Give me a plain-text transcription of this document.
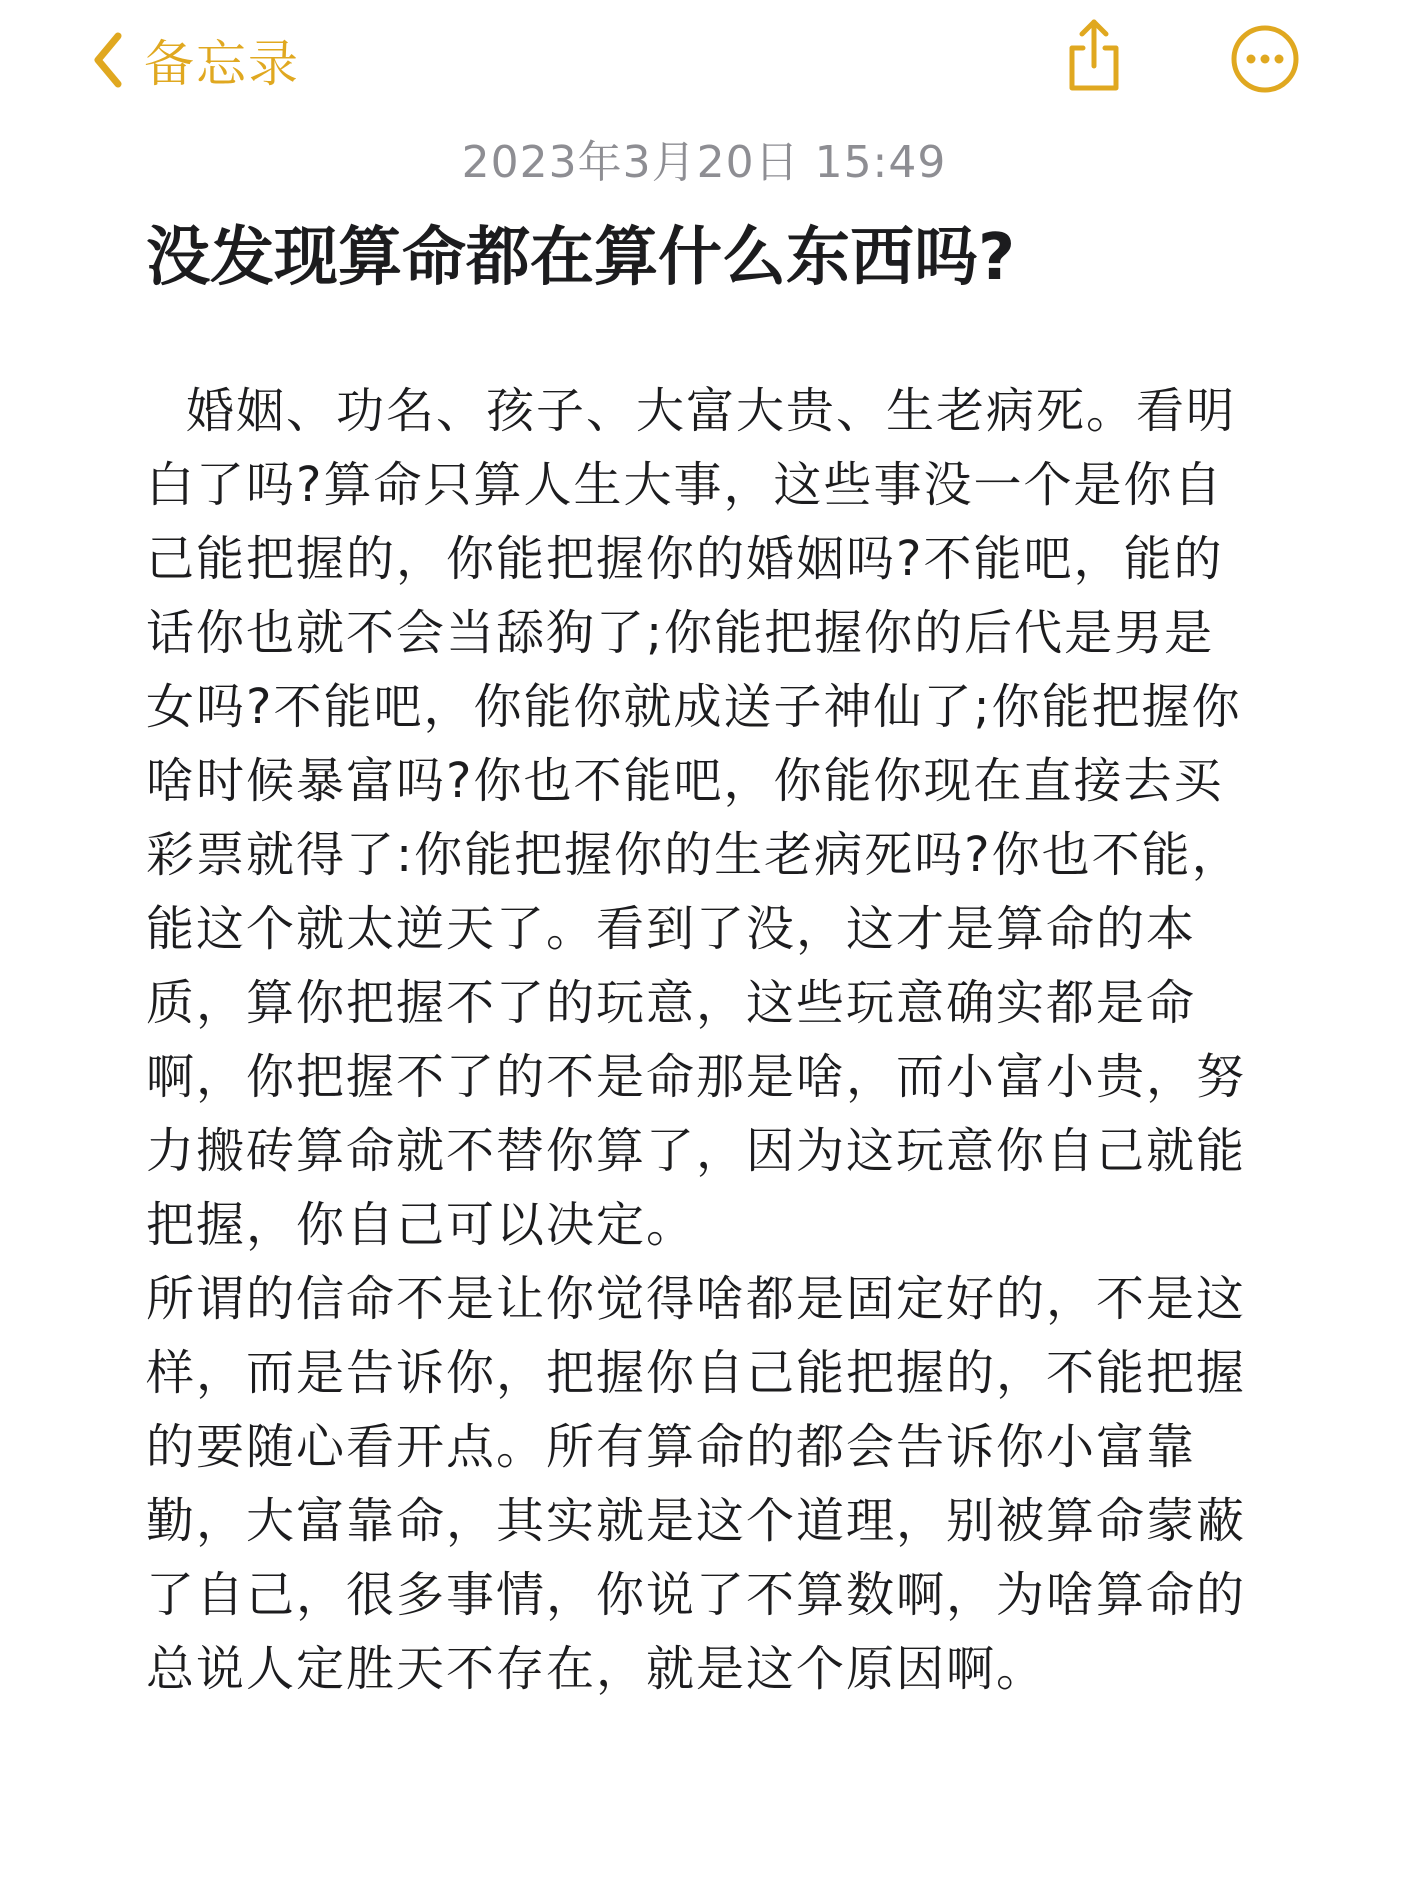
备忘录
2023年3月20日 15:49
没发现算命都在算什么东西吗?

婚姻、功名、孩子、大富大贵、生老病死。看明白了吗?算命只算人生大事，这些事没一个是你自己能把握的，你能把握你的婚姻吗?不能吧，能的话你也就不会当舔狗了;你能把握你的后代是男是女吗?不能吧，你能你就成送子神仙了;你能把握你啥时候暴富吗?你也不能吧，你能你现在直接去买彩票就得了:你能把握你的生老病死吗?你也不能，能这个就太逆天了。看到了没，这才是算命的本质，算你把握不了的玩意，这些玩意确实都是命啊，你把握不了的不是命那是啥，而小富小贵，努力搬砖算命就不替你算了，因为这玩意你自己就能把握，你自己可以决定。

所谓的信命不是让你觉得啥都是固定好的，不是这样，而是告诉你，把握你自己能把握的，不能把握的要随心看开点。所有算命的都会告诉你小富靠勤，大富靠命，其实就是这个道理，别被算命蒙蔽了自己，很多事情，你说了不算数啊，为啥算命的总说人定胜天不存在，就是这个原因啊。
